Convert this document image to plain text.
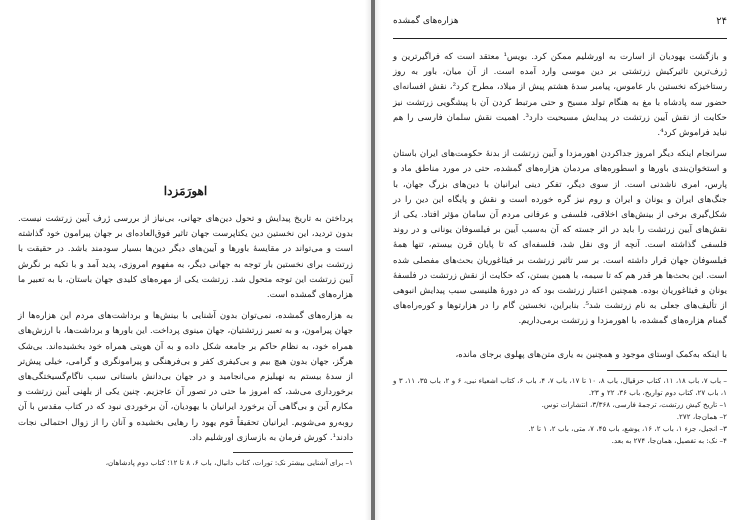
اهورَمَزدا

پرداختن به تاریخ پیدایش و تحول دین‌های جهانی، بی‌نیاز از بررسی ژرف آیین زرتشت نیست. بدون تردید، این نخستین دین یکتاپرست جهان تاثیر فوق‌العاده‌ای بر جهان پیرامون خود گذاشته است و می‌تواند در مقایسهٔ باورها و آیین‌های دیگر دین‌ها بسیار سودمند باشد. در حقیقت با زرتشت برای نخستین بار توجه به جهانی دیگر، به مفهوم امروزی، پدید آمد و با تکیه بر نگرش آیین زرتشت این توجه متحول شد. زرتشت یکی از مهره‌های کلیدی جهان باستان، با به تعبیر ما هزاره‌های گمشده است.

به هزاره‌های گمشده، نمی‌توان بدون آشنایی با بینش‌ها و برداشت‌های مردم این هزاره‌ها از جهان پیرامون، و به تعبیر زرتشتیان، جهان مینوی پرداخت. این باورها و برداشت‌ها، با ارزش‌های همراه خود، به نظام حاکم بر جامعه شکل داده و به آن هویتی همراه خود بخشیده‌اند. بی‌شک هرگز، جهان بدون هیچ بیم و بی‌کیفری کفر و بی‌فرهنگی و پیرامونگری و گرامی، خیلی پیش‌تر از سدهٔ بیستم به نهیلیزم می‌انجامید و در جهان بی‌دانش باستانی سبب ناگام‌گسیختگی‌های برخورداری می‌شد، که امروز ما حتی در تصور آن عاجزیم. چنین یکی از بلهنی آیین زرتشت و مکارم آین و بی‌گاهی آن برخورد ایرانیان با یهودیان، آن برخوردی نبود که در کتاب مقدس با آن روبه‌رو می‌شویم. ایرانیان تحقیقاً قوم یهود را رهایی بخشیده و آنان را از زوال احتمالی نجات دادند¹. کورش فرمان به بازسازی اورشلیم داد.

۱– برای آشنایی بیشتر نک: تورات، کتاب دانیال، باب ۶، ۸ تا ۱۲؛ کتاب دوم پادشاهان،

۲۴
هزاره‌های گمشده

و بازگشت یهودیان از اسارت به اورشلیم ممکن کرد. بویس¹ معتقد است که فراگیرترین و ژرف‌ترین تاثیرکیش زرتشتی بر دین موسی وارد آمده است. از آن میان، باور به روز رستاخیزکه نخستین بار عاموس، پیامبر سدهٔ هشتم پیش از میلاد، مطرح کرد²، نقش افسانه‌ای حضور سه پادشاه با مغ به هنگام تولد مسیح و حتی مرتبط کردن آن با پیشگویی زرتشت نیز حکایت از نقش آیین زرتشت در پیدایش مسیحیت دارد³. اهمیت نقش سلمان فارسی را هم نباید فراموش کرد⁴.

سرانجام اینکه دیگر امروز جداکردن اهورمزدا و آیین زرتشت از بدنهٔ حکومت‌های ایران باستان و استخوان‌بندی باورها و اسطوره‌های مردمان هزاره‌های گمشده، حتی در مورد مناطق ماد و پارس، امری ناشدنی است. از سوی دیگر، تفکر دینی ایرانیان با دین‌های بزرگ جهان، با جنگ‌های ایران و یونان و ایران و روم نیز گره خورده است و نقش و پایگاه این دین را در شکل‌گیری برخی از بینش‌های اخلاقی، فلسفی و عرفانی مردم آن سامان مؤثر افتاد. یکی از نقش‌های آیین زرتشت را باید در اثر جسته که آن به‌سبب آیین بر فیلسوفان یونانی و در روند فلسفی گذاشته است. آنچه از وی نقل شد، فلسفه‌ای که تا پایان قرن بیستم، تنها همهٔ فیلسوفان جهان قرار داشته است. بر سر تاثیر زرتشت بر فیثاغوریان بحث‌های مفصلی شده است. این بحث‌ها هر قدر هم که تا سیمه، با همین بستن، که حکایت از نقش زرتشت در فلسفهٔ یونان و فیثاغوریان بوده. همچنین اعتبار زرتشت بود که در دورهٔ هلنیسی سبب پیدایش انبوهی از تألیف‌های جعلی به نام زرتشت شد⁵. بنابراین، نخستین گام را در هزارتوها و کوره‌راه‌های گمنام هزاره‌های گمشده، با اهورمزدا و زرتشت برمی‌داریم.

با اینکه به‌کمک اوستای موجود و همچنین به یاری متن‌های پهلوی برجای مانده،

– باب ۷، باب ۱۸، ۱۱، کتاب حزقیال، باب ۸، ۱۰ تا ۱۷، باب ۷، ۴، باب ۶، کتاب اشعیاء نبی، ۶ و ۲، باب ۳۵، ۱۱، ۳ و ۱، باب ۲۷، کتاب دوم تواریخ، باب ۳۶، ۲۲ و ۲۳.

۱– تاریخ کیش زرتشت، ترجمهٔ فارسی، ۳/۳۶۸، انتشارات توس.

۲– همان‌جا، ۲۷۲.

۳– انجیل، جزء ۱، باب ۲، ۱۶، یوشع، باب ۴۵، ۷، متی، باب ۲، ۱ تا ۲.

۴– نک: به تفصیل، همان‌جا، ۲۷۴ به بعد.
